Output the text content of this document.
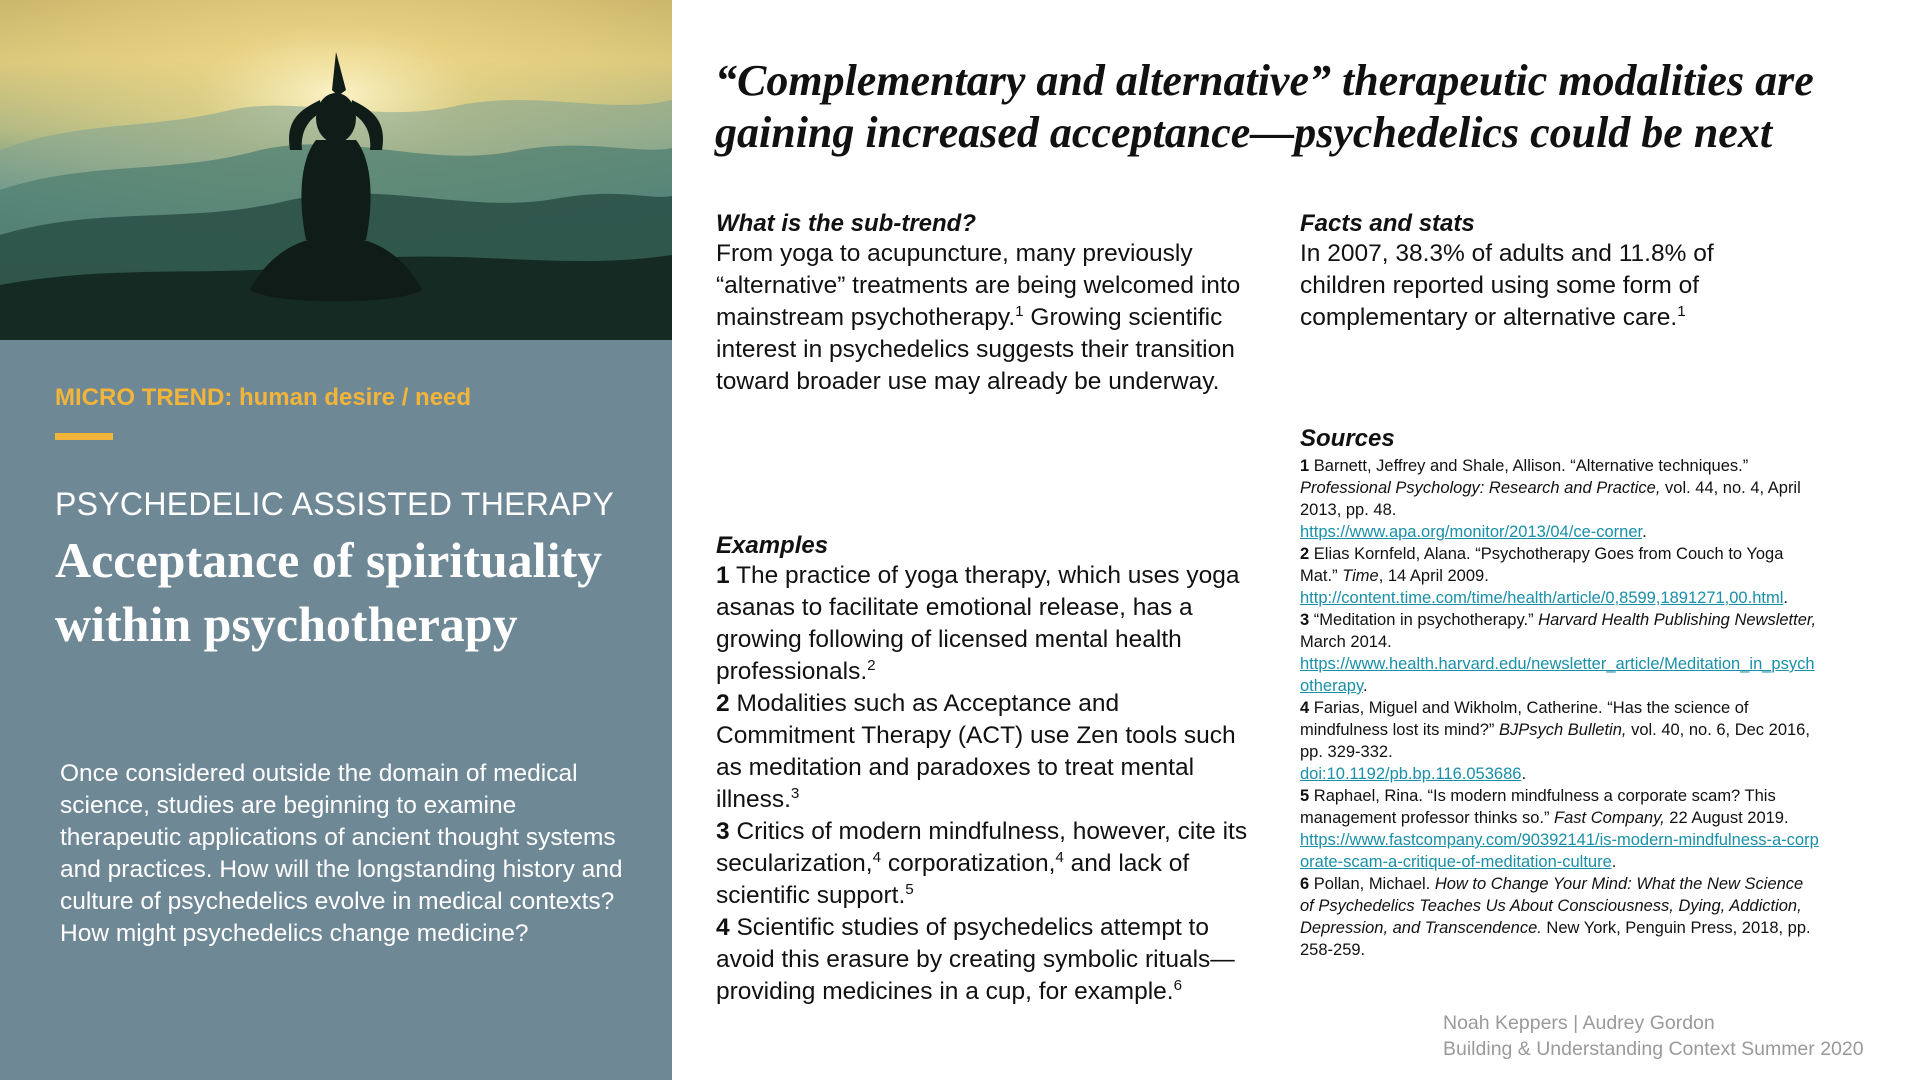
MICRO TREND: human desire / need
PSYCHEDELIC ASSISTED THERAPY
Acceptance of spirituality within psychotherapy

Once considered outside the domain of medical science, studies are beginning to examine therapeutic applications of ancient thought systems and practices. How will the longstanding history and culture of psychedelics evolve in medical contexts? How might psychedelics change medicine?

“Complementary and alternative” therapeutic modalities are gaining increased acceptance—psychedelics could be next

What is the sub-trend?

From yoga to acupuncture, many previously “alternative” treatments are being welcomed into mainstream psychotherapy.$^1$ Growing scientific interest in psychedelics suggests their transition toward broader use may already be underway.

Examples

1 The practice of yoga therapy, which uses yoga asanas to facilitate emotional release, has a growing following of licensed mental health professionals.$^2$

2 Modalities such as Acceptance and Commitment Therapy (ACT) use Zen tools such as meditation and paradoxes to treat mental illness.$^3$

3 Critics of modern mindfulness, however, cite its secularization,$^4$ corporatization,$^4$ and lack of scientific support.$^5$

4 Scientific studies of psychedelics attempt to avoid this erasure by creating symbolic rituals—providing medicines in a cup, for example.$^6$

Facts and stats

In 2007, 38.3% of adults and 11.8% of children reported using some form of complementary or alternative care.$^1$

Sources

1 Barnett, Jeffrey and Shale, Allison. “Alternative techniques.” Professional Psychology: Research and Practice, vol. 44, no. 4, April 2013, pp. 48.
https://www.apa.org/monitor/2013/04/ce-corner.

2 Elias Kornfeld, Alana. “Psychotherapy Goes from Couch to Yoga Mat.” Time, 14 April 2009.
http://content.time.com/time/health/article/0,8599,1891271,00.html.

3 “Meditation in psychotherapy.” Harvard Health Publishing Newsletter, March 2014.
https://www.health.harvard.edu/newsletter_article/Meditation_in_psychotherapy.

4 Farias, Miguel and Wikholm, Catherine. “Has the science of mindfulness lost its mind?” BJPsych Bulletin, vol. 40, no. 6, Dec 2016, pp. 329-332.
doi:10.1192/pb.bp.116.053686.

5 Raphael, Rina. “Is modern mindfulness a corporate scam? This management professor thinks so.” Fast Company, 22 August 2019.
https://www.fastcompany.com/90392141/is-modern-mindfulness-a-corporate-scam-a-critique-of-meditation-culture.

6 Pollan, Michael. How to Change Your Mind: What the New Science of Psychedelics Teaches Us About Consciousness, Dying, Addiction, Depression, and Transcendence. New York, Penguin Press, 2018, pp. 258-259.

Noah Keppers | Audrey Gordon
Building & Understanding Context Summer 2020
